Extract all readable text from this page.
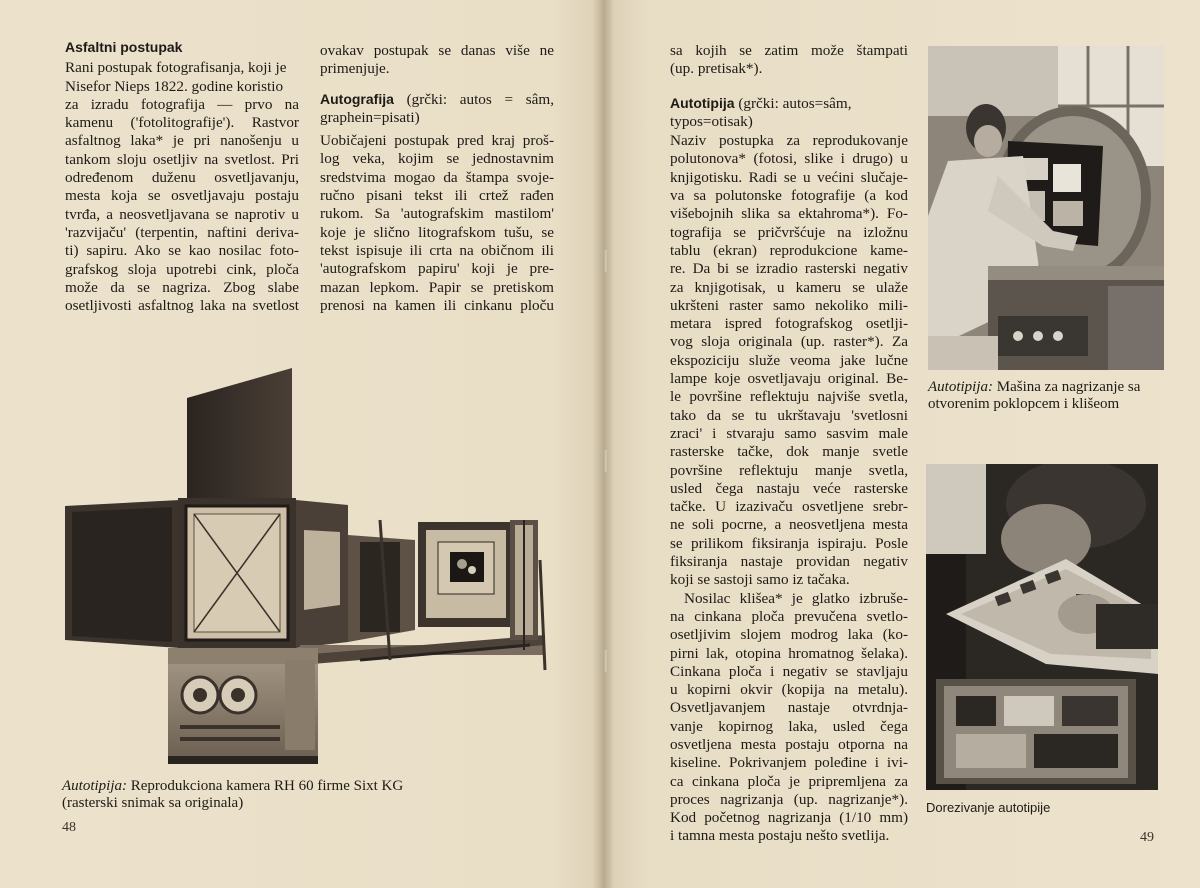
Asfaltni postupak

Rani postupak fotografisanja, koji je

Nisefor Nieps 1822. godine koristio

za izradu fotografija — prvo na

kamenu ('fotolitografije'). Rastvor

asfaltnog laka* je pri nanošenju u

tankom sloju osetljiv na svetlost. Pri

određenom duženu osvetljavanju,

mesta koja se osvetljavaju postaju

tvrđa, a neosvetljavana se naprotiv u

'razvijaču' (terpentin, naftini deriva-

ti) sapiru. Ako se kao nosilac foto-

grafskog sloja upotrebi cink, ploča

može da se nagriza. Zbog slabe

osetljivosti asfaltnog laka na svetlost

ovakav postupak se danas više ne

primenjuje.

Autografija (grčki: autos = sâm,

graphein=pisati)

Uobičajeni postupak pred kraj proš-

log veka, kojim se jednostavnim

sredstvima mogao da štampa svoje-

ručno pisani tekst ili crtež rađen

rukom. Sa 'autografskim mastilom'

koje je slično litografskom tušu, se

tekst ispisuje ili crta na običnom ili

'autografskom papiru' koji je pre-

mazan lepkom. Papir se pretiskom

prenosi na kamen ili cinkanu ploču

Autotipija: Reprodukciona kamera RH 60 firme Sixt KG
(rasterski snimak sa originala)
48

sa kojih se zatim može štampati

(up. pretisak*).

Autotipija (grčki: autos=sâm,

typos=otisak)

Naziv postupka za reprodukovanje

polutonova* (fotosi, slike i drugo) u

knjigotisku. Radi se u većini slučaje-

va sa polutonske fotografije (a kod

višebojnih slika sa ektahroma*). Fo-

tografija se pričvršćuje na izložnu

tablu (ekran) reprodukcione kame-

re. Da bi se izradio rasterski negativ

za knjigotisak, u kameru se ulaže

ukršteni raster samo nekoliko mili-

metara ispred fotografskog osetlji-

vog sloja originala (up. raster*). Za

ekspoziciju služe veoma jake lučne

lampe koje osvetljavaju original. Be-

le površine reflektuju najviše svetla,

tako da se tu ukrštavaju 'svetlosni

zraci' i stvaraju samo sasvim male

rasterske tačke, dok manje svetle

površine reflektuju manje svetla,

usled čega nastaju veće rasterske

tačke. U izazivaču osvetljene srebr-

ne soli pocrne, a neosvetljena mesta

se prilikom fiksiranja ispiraju. Posle

fiksiranja nastaje providan negativ

koji se sastoji samo iz tačaka.

Nosilac klišea* je glatko izbruše-

na cinkana ploča prevučena svetlo-

osetljivim slojem modrog laka (ko-

pirni lak, otopina hromatnog šelaka).

Cinkana ploča i negativ se stavljaju

u kopirni okvir (kopija na metalu).

Osvetljavanjem nastaje otvrdnja-

vanje kopirnog laka, usled čega

osvetljena mesta postaju otporna na

kiseline. Pokrivanjem poleđine i ivi-

ca cinkana ploča je pripremljena za

proces nagrizanja (up. nagrizanje*).

Kod početnog nagrizanja (1/10 mm)

i tamna mesta postaju nešto svetlija.

Autotipija: Mašina za nagrizanje sa
otvorenim poklopcem i klišeom
Dorezivanje autotipije
49
